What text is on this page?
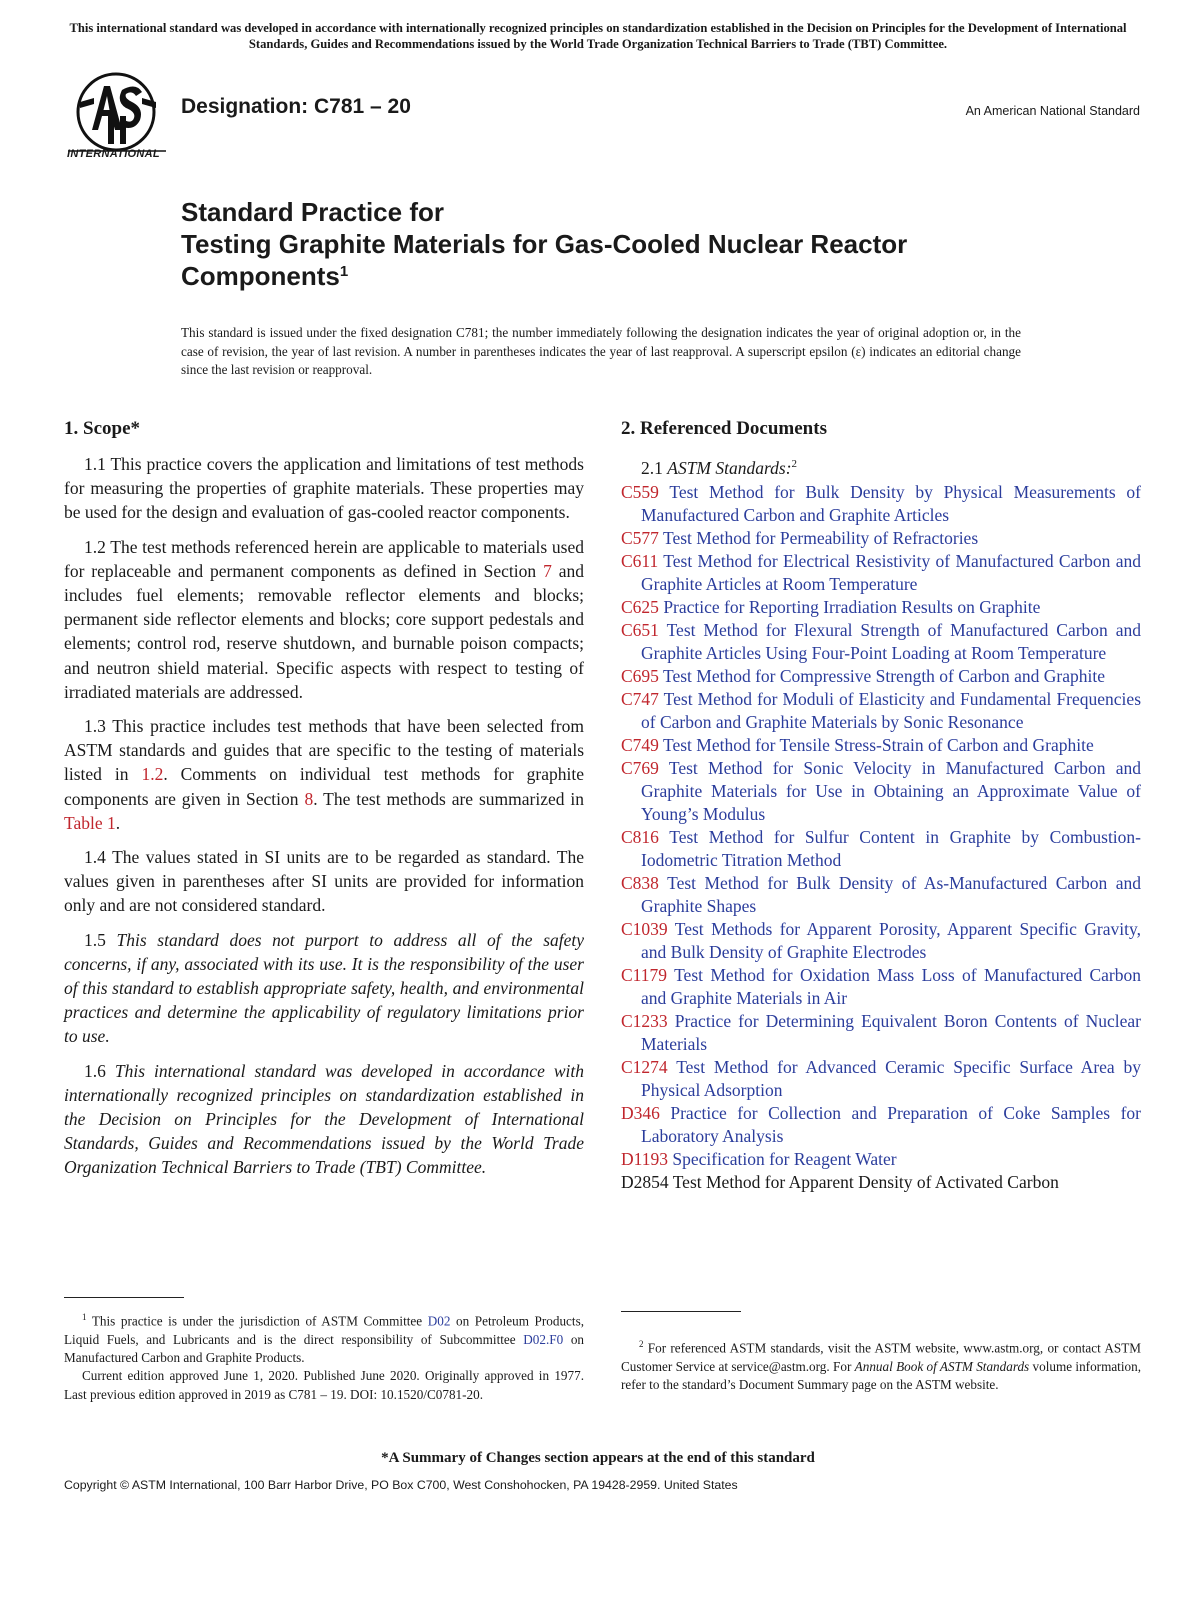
This international standard was developed in accordance with internationally recognized principles on standardization established in the Decision on Principles for the Development of International Standards, Guides and Recommendations issued by the World Trade Organization Technical Barriers to Trade (TBT) Committee.
INTERNATIONAL
Designation: C781 – 20	An American National Standard
Standard Practice for
Testing Graphite Materials for Gas-Cooled Nuclear Reactor
Components$^1$
This standard is issued under the fixed designation C781; the number immediately following the designation indicates the year of original adoption or, in the case of revision, the year of last revision. A number in parentheses indicates the year of last reapproval. A superscript epsilon (ε) indicates an editorial change since the last revision or reapproval.
1. Scope*

1.1 This practice covers the application and limitations of test methods for measuring the properties of graphite materials. These properties may be used for the design and evaluation of gas-cooled reactor components.

1.2 The test methods referenced herein are applicable to materials used for replaceable and permanent components as defined in Section 7 and includes fuel elements; removable reflector elements and blocks; permanent side reflector elements and blocks; core support pedestals and elements; control rod, reserve shutdown, and burnable poison compacts; and neutron shield material. Specific aspects with respect to testing of irradiated materials are addressed.

1.3 This practice includes test methods that have been selected from ASTM standards and guides that are specific to the testing of materials listed in 1.2. Comments on individual test methods for graphite components are given in Section 8. The test methods are summarized in Table 1.

1.4 The values stated in SI units are to be regarded as standard. The values given in parentheses after SI units are provided for information only and are not considered standard.

1.5 This standard does not purport to address all of the safety concerns, if any, associated with its use. It is the responsibility of the user of this standard to establish appropriate safety, health, and environmental practices and determine the applicability of regulatory limitations prior to use.

1.6 This international standard was developed in accordance with internationally recognized principles on standardization established in the Decision on Principles for the Development of International Standards, Guides and Recommendations issued by the World Trade Organization Technical Barriers to Trade (TBT) Committee.

2. Referenced Documents
2.1 ASTM Standards:$^2$
C559 Test Method for Bulk Density by Physical Measurements of Manufactured Carbon and Graphite Articles
C577 Test Method for Permeability of Refractories
C611 Test Method for Electrical Resistivity of Manufactured Carbon and Graphite Articles at Room Temperature
C625 Practice for Reporting Irradiation Results on Graphite
C651 Test Method for Flexural Strength of Manufactured Carbon and Graphite Articles Using Four-Point Loading at Room Temperature
C695 Test Method for Compressive Strength of Carbon and Graphite
C747 Test Method for Moduli of Elasticity and Fundamental Frequencies of Carbon and Graphite Materials by Sonic Resonance
C749 Test Method for Tensile Stress-Strain of Carbon and Graphite
C769 Test Method for Sonic Velocity in Manufactured Carbon and Graphite Materials for Use in Obtaining an Approximate Value of Young’s Modulus
C816 Test Method for Sulfur Content in Graphite by Combustion-Iodometric Titration Method
C838 Test Method for Bulk Density of As-Manufactured Carbon and Graphite Shapes
C1039 Test Methods for Apparent Porosity, Apparent Specific Gravity, and Bulk Density of Graphite Electrodes
C1179 Test Method for Oxidation Mass Loss of Manufactured Carbon and Graphite Materials in Air
C1233 Practice for Determining Equivalent Boron Contents of Nuclear Materials
C1274 Test Method for Advanced Ceramic Specific Surface Area by Physical Adsorption
D346 Practice for Collection and Preparation of Coke Samples for Laboratory Analysis
D1193 Specification for Reagent Water
D2854 Test Method for Apparent Density of Activated Carbon

$^1$ This practice is under the jurisdiction of ASTM Committee D02 on Petroleum Products, Liquid Fuels, and Lubricants and is the direct responsibility of Subcommittee D02.F0 on Manufactured Carbon and Graphite Products.

Current edition approved June 1, 2020. Published June 2020. Originally approved in 1977. Last previous edition approved in 2019 as C781 – 19. DOI: 10.1520/C0781-20.

$^2$ For referenced ASTM standards, visit the ASTM website, www.astm.org, or contact ASTM Customer Service at service@astm.org. For Annual Book of ASTM Standards volume information, refer to the standard’s Document Summary page on the ASTM website.

*A Summary of Changes section appears at the end of this standard
Copyright © ASTM International, 100 Barr Harbor Drive, PO Box C700, West Conshohocken, PA 19428-2959. United States
